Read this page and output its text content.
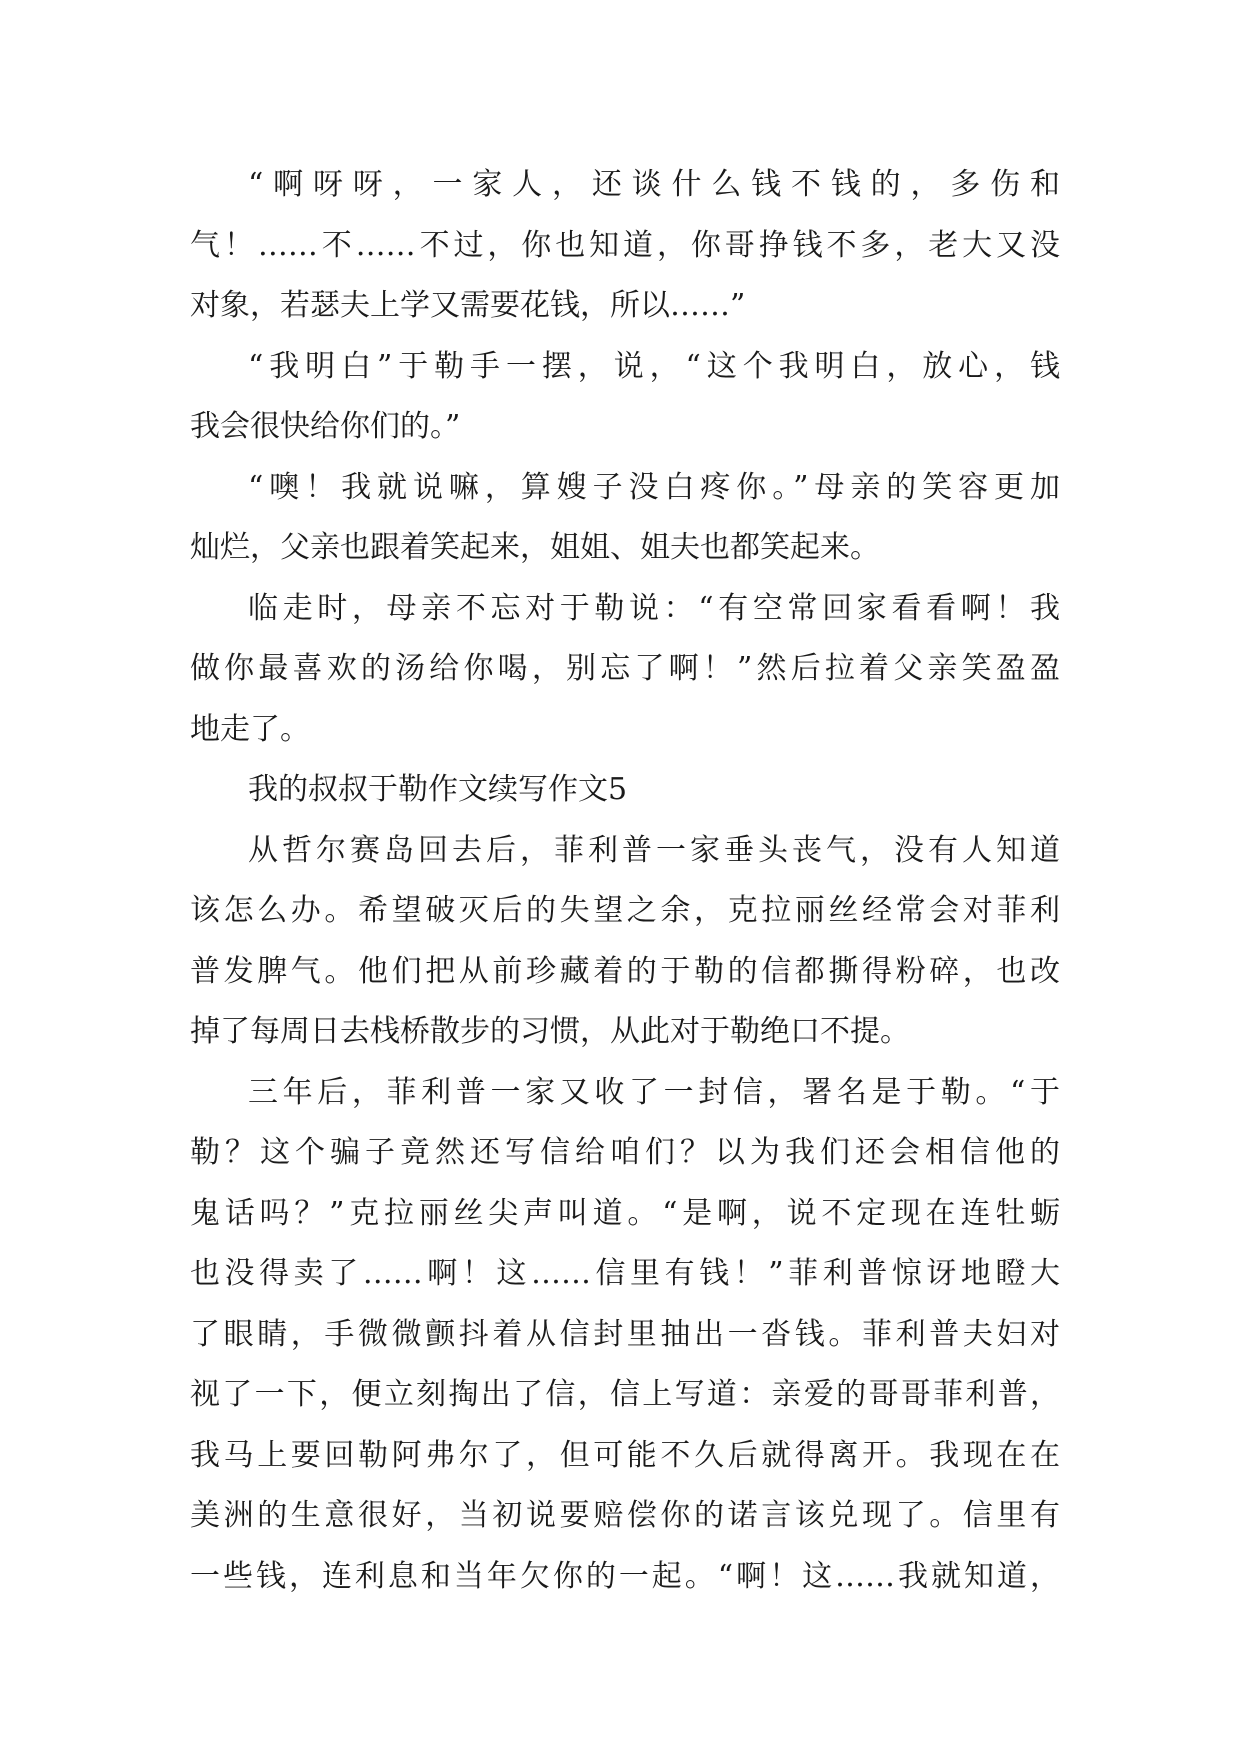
“啊呀呀，一家人，还谈什么钱不钱的，多伤和
气！……不……不过，你也知道，你哥挣钱不多，老大又没
对象，若瑟夫上学又需要花钱，所以……”
“我明白”于勒手一摆，说，“这个我明白，放心，钱
我会很快给你们的。”
“噢！我就说嘛，算嫂子没白疼你。”母亲的笑容更加
灿烂，父亲也跟着笑起来，姐姐、姐夫也都笑起来。
临走时，母亲不忘对于勒说：“有空常回家看看啊！我
做你最喜欢的汤给你喝，别忘了啊！”然后拉着父亲笑盈盈
地走了。
我的叔叔于勒作文续写作文5
从哲尔赛岛回去后，菲利普一家垂头丧气，没有人知道
该怎么办。希望破灭后的失望之余，克拉丽丝经常会对菲利
普发脾气。他们把从前珍藏着的于勒的信都撕得粉碎，也改
掉了每周日去栈桥散步的习惯，从此对于勒绝口不提。
三年后，菲利普一家又收了一封信，署名是于勒。“于
勒？这个骗子竟然还写信给咱们？以为我们还会相信他的
鬼话吗？”克拉丽丝尖声叫道。“是啊，说不定现在连牡蛎
也没得卖了……啊！这……信里有钱！”菲利普惊讶地瞪大
了眼睛，手微微颤抖着从信封里抽出一沓钱。菲利普夫妇对
视了一下，便立刻掏出了信，信上写道：亲爱的哥哥菲利普，
我马上要回勒阿弗尔了，但可能不久后就得离开。我现在在
美洲的生意很好，当初说要赔偿你的诺言该兑现了。信里有
一些钱，连利息和当年欠你的一起。“啊！这……我就知道，
